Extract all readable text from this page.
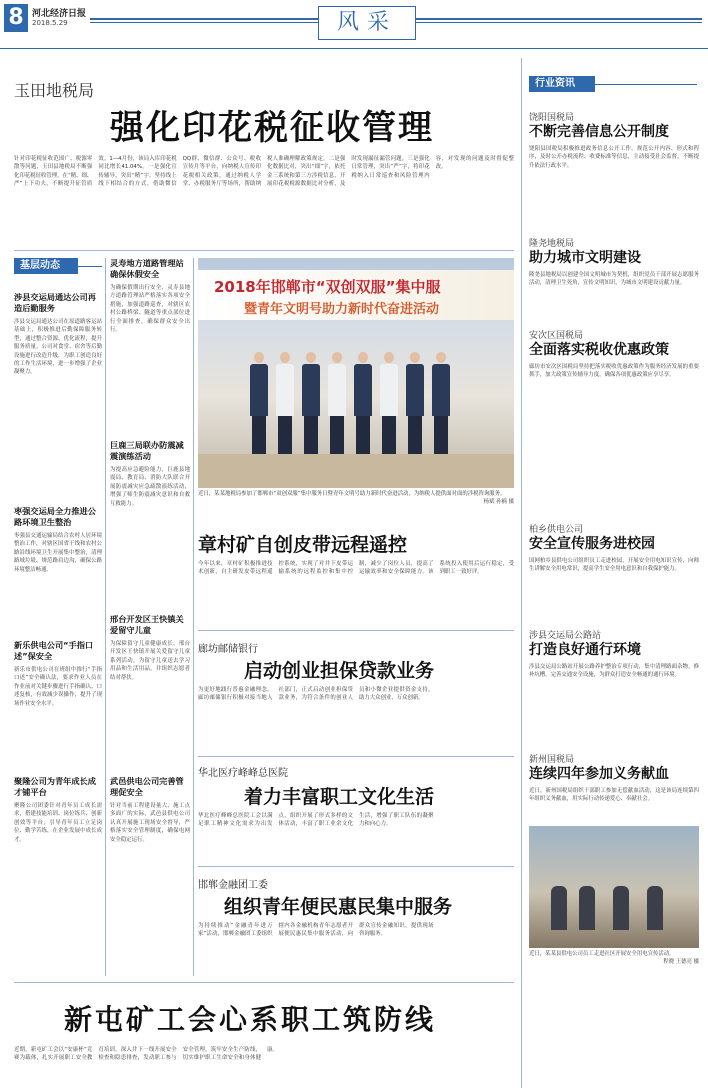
8 河北经济日报
2018.5.29	风采
玉田地税局
强化印花税征收管理
针对印花税征收范围广、税源零散等问题，玉田县地税局不断强化印花税征收管理，在“精、细、严”上下功夫，不断提升征管质效。1—4月份，该局入库印花税同比增长41.04%。一是强化宣传辅导，突出“精”字。坚持线上线下相结合的方式，借助微信QQ群、微信群、公众号、税收宣传月等平台，向纳税人宣传印花税相关政策，通过纳税人学堂、办税服务厅等场所，帮助纳税人准确理解政策规定。二是强化数据比对，突出“细”字，依托金三系统和第三方涉税信息，开展印花税税源数据比对分析，及时发现漏征漏管问题。三是强化日常管理，突出“严”字，将印花税纳入日常巡查和风险管理内容，对发现的问题及时督促整改。
基层动态
涉县交运局通达公司再造后勤服务
涉县交运局通达公司在原道路客运站基础上，积极推进后勤保障服务转型，通过整合资源、优化流程，提升服务质量。公司对食堂、宿舍等后勤设施进行改造升级，为职工创造良好的工作生活环境，进一步增强了企业凝聚力。
枣强交运局全力推进公路环境卫生整治
枣强县交通运输局结合农村人居环境整治工作，对辖区国省干线和农村公路沿线环境卫生开展集中整治，清理路域垃圾、规范路肩边沟，确保公路环境整洁畅通。
新乐供电公司“手指口述”保安全
新乐市供电公司在班组中推行“手指口述”安全确认法，要求作业人员在作业前对关键步骤进行手指确认、口述复核，有效减少误操作，提升了现场作业安全水平。
聚隆公司为青年成长成才铺平台
聚隆公司团委针对青年员工成长需求，搭建技能培训、岗位练兵、创新创效等平台，引导青年员工立足岗位、勤学苦练，在企业发展中成长成才。
灵寿地方道路管理站确保休假安全
为确保假期出行安全，灵寿县地方道路管理站严格落实各项安全措施，加强道路巡查，对辖区农村公路桥梁、隧道等重点部位进行全面排查，确保群众安全出行。
巨鹿三局联办防震减震演练活动
为提高应急避险能力，巨鹿县地震局、教育局、消防大队联合开展防震减灾应急疏散演练活动，增强了师生防震减灾意识和自救互救能力。
邢台开发区王快镇关爱留守儿童
为保障留守儿童健康成长，邢台开发区王快镇开展关爱留守儿童系列活动，为留守儿童送去学习用品和生活用品，并组织志愿者结对帮扶。
武邑供电公司完善管理促安全
针对当前工程建设量大、施工点多面广的实际，武邑县供电公司认真开展施工现场安全督导，严格落实安全管理制度，确保电网安全稳定运行。
2018年邯郸市“双创双服”集中服
暨青年文明号助力新时代奋进活动
近日，某某地税局参加了邯郸市“双创双服”集中服务日暨青年文明号助力新时代奋进活动，为纳税人提供面对面的涉税咨询服务。
杨斌 孙楠 摄
章村矿自创皮带远程遥控
今年以来，章村矿积极推进技术创新，自主研发皮带远程遥控系统，实现了对井下皮带运输系统的远程监控和集中控制，减少了岗位人员，提高了运输效率和安全保障能力。该系统投入使用后运行稳定，受到职工一致好评。
廊坊邮储银行
启动创业担保贷款业务
为更好地践行普惠金融理念，廊坊邮储银行积极对接当地人社部门，正式启动创业担保贷款业务，为符合条件的创业人员和小微企业提供资金支持，助力大众创业、万众创新。
华北医疗峰峰总医院
着力丰富职工文化生活
华北医疗峰峰总医院工会以满足职工精神文化需求为出发点，组织开展了形式多样的文体活动，丰富了职工业余文化生活，增强了职工队伍的凝聚力和向心力。
邯郸金融团工委
组织青年便民惠民集中服务
为持续推动“金融青年进万家”活动，邯郸金融团工委组织辖内各金融机构青年志愿者开展便民惠民集中服务活动，向群众宣传金融知识，提供现场咨询服务。
行业资讯
饶阳国税局
不断完善信息公开制度
饶阳县国税局积极推进政务信息公开工作，规范公开内容、形式和程序，及时公开办税流程、收费标准等信息，主动接受社会监督，不断提升依法行政水平。
隆尧地税局
助力城市文明建设
隆尧县地税局以创建全国文明城市为契机，组织党员干部开展志愿服务活动，清理卫生死角，宣传文明知识，为城市文明建设贡献力量。
安次区国税局
全面落实税收优惠政策
廊坊市安次区国税局坚持把落实税收优惠政策作为服务经济发展的重要抓手，加大政策宣传辅导力度，确保各项优惠政策应享尽享。
柏乡供电公司
安全宣传服务进校园
国网柏乡县供电公司组织员工走进校园，开展安全用电知识宣传，向师生讲解安全用电常识，提高学生安全用电意识和自我保护能力。
涉县交运局公路站
打造良好通行环境
涉县交运局公路站开展公路养护整治专项行动，集中清理路面杂物，修补坑槽，完善交通安全设施，为群众打造安全畅通的通行环境。
新州国税局
连续四年参加义务献血
近日，新州国税局组织干部职工参加无偿献血活动，这是该局连续第四年组织义务献血，用实际行动传递爱心、奉献社会。
近日，某某县供电公司员工走进社区开展安全用电宣传活动。
程晓 王德亮 摄
新屯矿工会心系职工筑防线
近期，新屯矿工会以“安康杯”竞赛为载体，扎实开展职工安全教育培训，深入井下一线开展安全检查和隐患排查，发动职工参与安全管理，筑牢安全生产防线，切实维护职工生命安全和身体健康。
